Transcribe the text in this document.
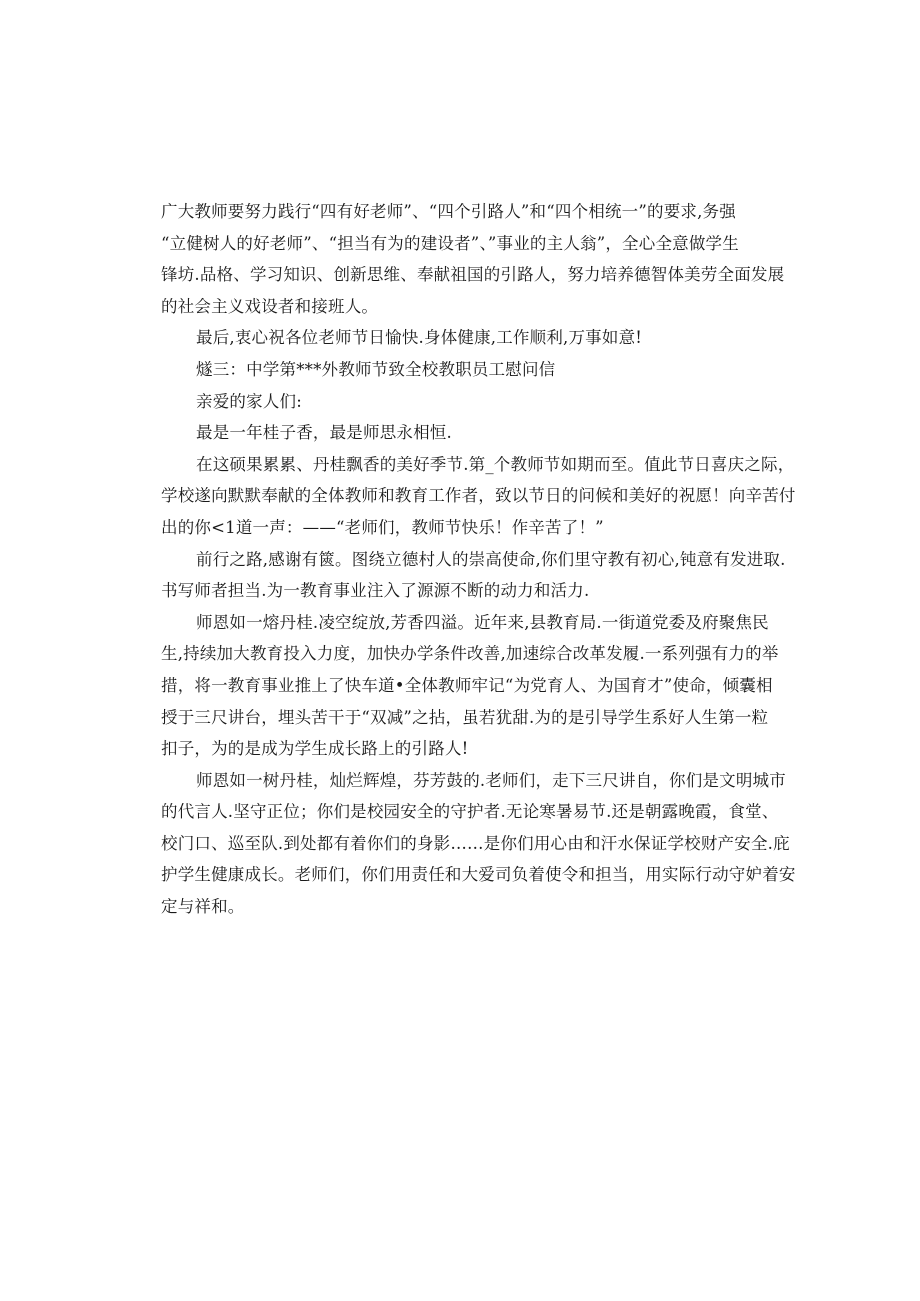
广大教师要努力践行“四有好老师”、“四个引路人”和“四个相统一”的要求,务强
“立健树人的好老师”、“担当有为的建设者”、”事业的主人翁”，全心全意做学生
锋坊.品格、学习知识、创新思维、奉献祖国的引路人，努力培养德智体美劳全面发展
的社会主义戏设者和接班人。
最后,衷心祝各位老师节日愉快.身体健康,工作顺利,万事如意!
燧三：中学第***外教师节致全校教职员工慰问信
亲爱的家人们:
最是一年桂子香，最是师思永相恒.
在这硕果累累、丹桂飘香的美好季节.第_个教师节如期而至。值此节日喜庆之际，
学校遂向默默奉献的全体教师和教育工作者，致以节日的问候和美好的祝愿！向辛苦付
出的你<1道一声：——“老师们，教师节快乐！作辛苦了！”
前行之路,感谢有篋。图绕立德村人的崇高使命,你们里守教有初心,钝意有发进取.
书写师者担当.为一教育事业注入了源源不断的动力和活力.
师恩如一熔丹桂.凌空绽放,芳香四溢。近年来,县教育局.一街道党委及府聚焦民
生,持续加大教育投入力度，加快办学条件改善,加速综合改革发履.一系列强有力的举
措，将一教育事业推上了快车道•全体教师牢记“为党育人、为国育才”使命，倾囊相
授于三尺讲台，埋头苦干于“双减”之拈，虽若犹甜.为的是引导学生系好人生第一粒
扣子，为的是成为学生成长路上的引路人!
师恩如一树丹桂，灿烂辉煌，芬芳鼓的.老师们，走下三尺讲自，你们是文明城市
的代言人.坚守正位；你们是校园安全的守护者.无论寒暑易节.还是朝露晚霞，食堂、
校门口、巡至队.到处都有着你们的身影……是你们用心由和汗水保证学校财产安全.庇
护学生健康成长。老师们，你们用责任和大爱司负着使令和担当，用实际行动守妒着安
定与祥和。
